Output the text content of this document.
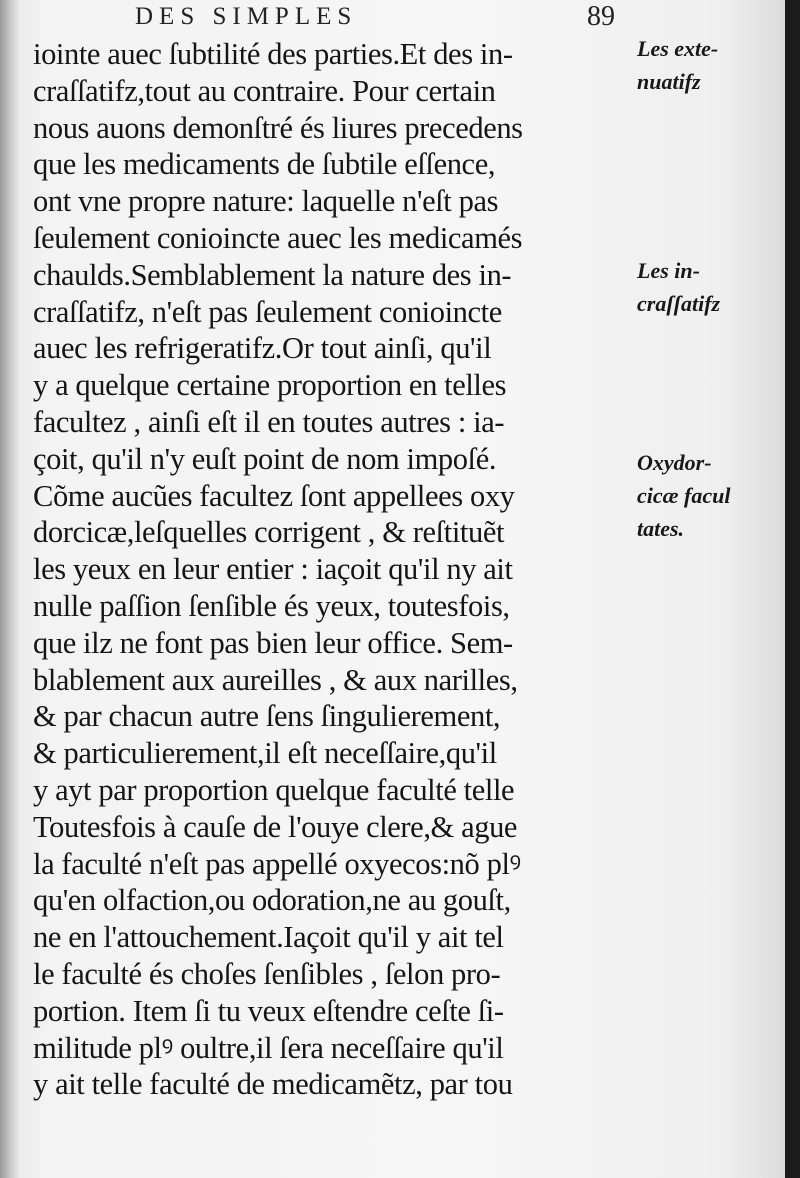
DES SIMPLES	89
iointe auec ſubtilité des parties.Et des in-
craſſatifz,tout au contraire. Pour certain
nous auons demonſtré és liures precedens
que les medicaments de ſubtile eſſence,
ont vne propre nature: laquelle n'eſt pas
ſeulement conioincte auec les medicamés
chaulds.Semblablement la nature des in-
craſſatifz, n'eſt pas ſeulement conioincte
auec les refrigeratifz.Or tout ainſi, qu'il
y a quelque certaine proportion en telles
facultez , ainſi eſt il en toutes autres : ia-
çoit, qu'il n'y euſt point de nom impoſé.
Cõme aucũes facultez ſont appellees oxy
dorcicæ,leſquelles corrigent , & reſtituẽt
les yeux en leur entier : iaçoit qu'il ny ait
nulle paſſion ſenſible és yeux, toutesfois,
que ilz ne font pas bien leur office. Sem-
blablement aux aureilles , & aux narilles,
& par chacun autre ſens ſingulierement,
& particulierement,il eſt neceſſaire,qu'il
y ayt par proportion quelque faculté telle
Toutesfois à cauſe de l'ouye clere,& ague
la faculté n'eſt pas appellé oxyecos:nõ plꝰ
qu'en olfaction,ou odoration,ne au gouſt,
ne en l'attouchement.Iaçoit qu'il y ait tel
le faculté és choſes ſenſibles , ſelon pro-
portion. Item ſi tu veux eſtendre ceſte ſi-
militude plꝰ oultre,il ſera neceſſaire qu'il
y ait telle faculté de medicamẽtz, par tou
Les exte-
nuatifz
Les in-
craſſatifz
Oxydor-
cicæ facul
tates.
